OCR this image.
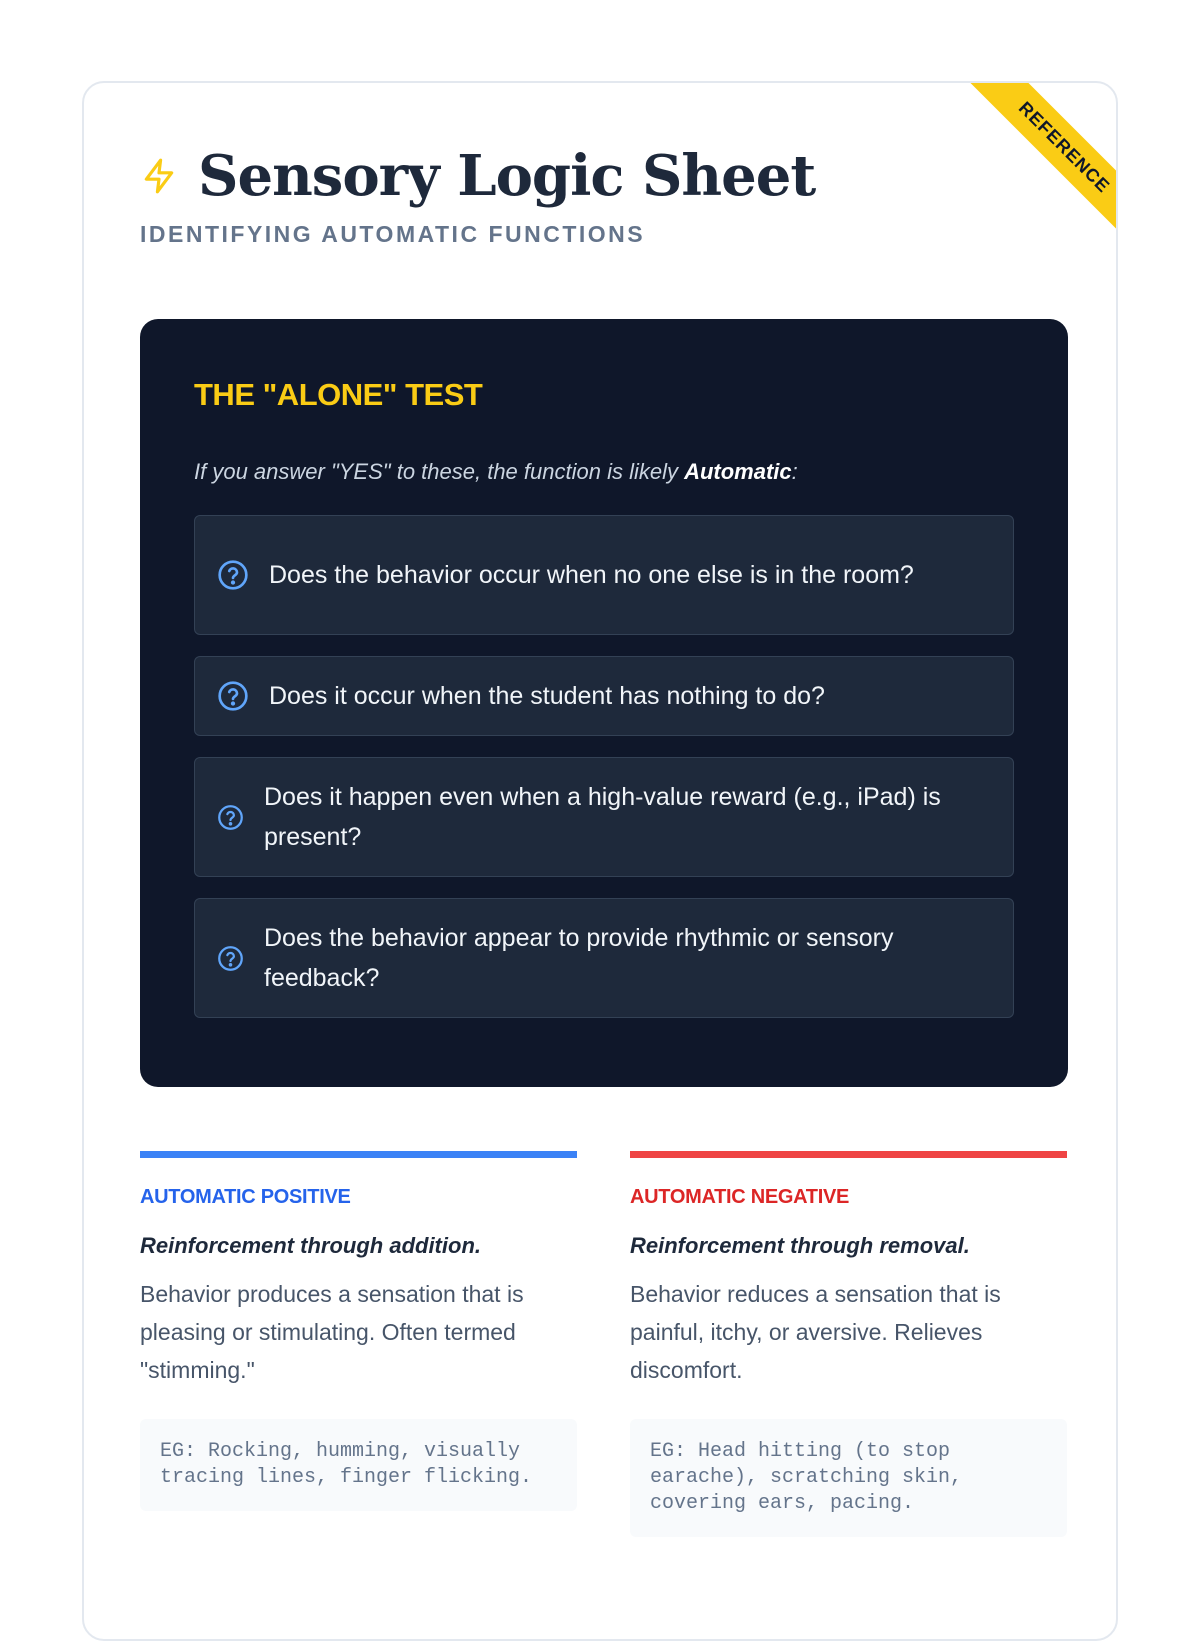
REFERENCE
Sensory Logic Sheet
IDENTIFYING AUTOMATIC FUNCTIONS
THE "ALONE" TEST
If you answer "YES" to these, the function is likely Automatic:
Does the behavior occur when no one else is in the room?
Does it occur when the student has nothing to do?
Does it happen even when a high-value reward (e.g., iPad) is present?
Does the behavior appear to provide rhythmic or sensory feedback?
AUTOMATIC POSITIVE
Reinforcement through addition.
Behavior produces a sensation that is pleasing or stimulating. Often termed "stimming."
EG: Rocking, humming, visually tracing lines, finger flicking.
AUTOMATIC NEGATIVE
Reinforcement through removal.
Behavior reduces a sensation that is painful, itchy, or aversive. Relieves discomfort.
EG: Head hitting (to stop earache), scratching skin, covering ears, pacing.
